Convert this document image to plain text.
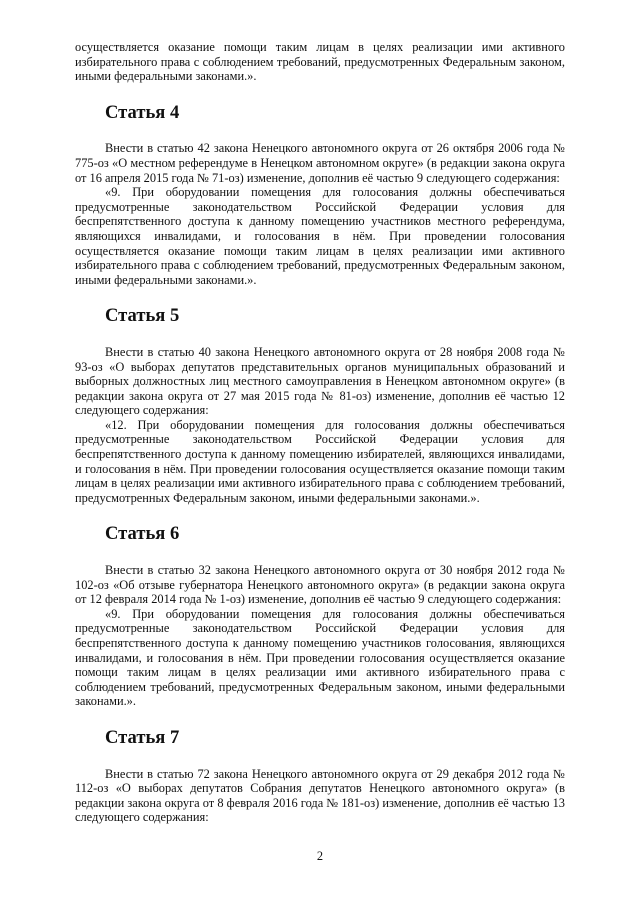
осуществляется оказание помощи таким лицам в целях реализации ими активного избирательного права с соблюдением требований, предусмотренных Федеральным законом, иными федеральными законами.».

Статья 4

Внести в статью 42 закона Ненецкого автономного округа от 26 октября 2006 года № 775-оз «О местном референдуме в Ненецком автономном округе» (в редакции закона округа от 16 апреля 2015 года № 71-оз) изменение, дополнив её частью 9 следующего содержания:

«9. При оборудовании помещения для голосования должны обеспечиваться предусмотренные законодательством Российской Федерации условия для беспрепятственного доступа к данному помещению участников местного референдума, являющихся инвалидами, и голосования в нём. При проведении голосования осуществляется оказание помощи таким лицам в целях реализации ими активного избирательного права с соблюдением требований, предусмотренных Федеральным законом, иными федеральными законами.».

Статья 5

Внести в статью 40 закона Ненецкого автономного округа от 28 ноября 2008 года № 93-оз «О выборах депутатов представительных органов муниципальных образований и выборных должностных лиц местного самоуправления в Ненецком автономном округе» (в редакции закона округа от 27 мая 2015 года № 81-оз) изменение, дополнив её частью 12 следующего содержания:

«12. При оборудовании помещения для голосования должны обеспечиваться предусмотренные законодательством Российской Федерации условия для беспрепятственного доступа к данному помещению избирателей, являющихся инвалидами, и голосования в нём. При проведении голосования осуществляется оказание помощи таким лицам в целях реализации ими активного избирательного права с соблюдением требований, предусмотренных Федеральным законом, иными федеральными законами.».

Статья 6

Внести в статью 32 закона Ненецкого автономного округа от 30 ноября 2012 года № 102-оз «Об отзыве губернатора Ненецкого автономного округа» (в редакции закона округа от 12 февраля 2014 года № 1-оз) изменение, дополнив её частью 9 следующего содержания:

«9. При оборудовании помещения для голосования должны обеспечиваться предусмотренные законодательством Российской Федерации условия для беспрепятственного доступа к данному помещению участников голосования, являющихся инвалидами, и голосования в нём. При проведении голосования осуществляется оказание помощи таким лицам в целях реализации ими активного избирательного права с соблюдением требований, предусмотренных Федеральным законом, иными федеральными законами.».

Статья 7

Внести в статью 72 закона Ненецкого автономного округа от 29 декабря 2012 года № 112-оз «О выборах депутатов Собрания депутатов Ненецкого автономного округа» (в редакции закона округа от 8 февраля 2016 года № 181-оз) изменение, дополнив её частью 13 следующего содержания:

2
